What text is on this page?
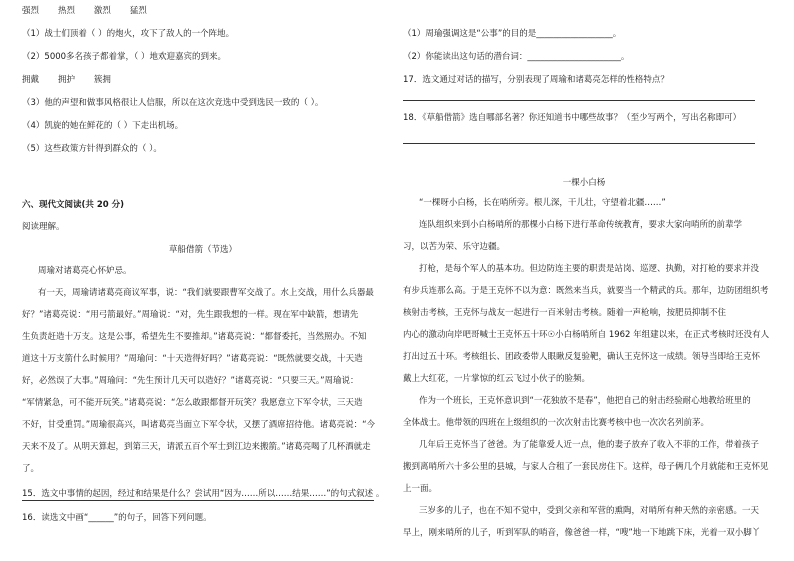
强烈 热烈 激烈 猛烈
（1）战士们顶着（ ）的炮火，攻下了敌人的一个阵地。
（2）5000多名孩子都着掌，（ ）地欢迎嘉宾的到来。
拥戴 拥护 簇拥
（3）他的声望和做事风格很让人信服，所以在这次竞选中受到选民一致的（ ）。
（4）凯旋的她在鲜花的（ ）下走出机场。
（5）这些政策方针得到群众的（ ）。
六、现代文阅读(共 20 分)
阅读理解。
草船借箭（节选）
周瑜对诸葛亮心怀妒忌。
有一天，周瑜请诸葛亮商议军事，说：“我们就要跟曹军交战了。水上交战，用什么兵器最
好？”诸葛亮说：“用弓箭最好。”周瑜说：“对，先生跟我想的一样。现在军中缺箭，想请先
生负责赶造十万支。这是公事，希望先生不要推却。”诸葛亮说：“都督委托，当然照办。不知
道这十万支箭什么时候用？”周瑜问：“十天造得好吗？”诸葛亮说：“既然就要交战，十天造
好，必然误了大事。”周瑜问：“先生预计几天可以造好？”诸葛亮说：“只要三天。”周瑜说：
“军情紧急，可不能开玩笑。”诸葛亮说：“怎么敢跟都督开玩笑？我愿意立下军令状，三天造
不好，甘受重罚。”周瑜很高兴，叫诸葛亮当面立下军令状，又摆了酒席招待他。诸葛亮说：“今
天来不及了。从明天算起，到第三天，请派五百个军士到江边来搬箭。”诸葛亮喝了几杯酒就走
了。
15．选文中事情的起因，经过和结果是什么？尝试用“因为……所以……结果……”的句式叙述 。
16．读选文中画“______”的句子，回答下列问题。
（1）周瑜强调这是“公事”的目的是__________________。
（2）你能读出这句话的潜台词：______________________。
17．选文通过对话的描写，分别表现了周瑜和诸葛亮怎样的性格特点？
18．《草船借箭》选自哪部名著？你还知道书中哪些故事？（至少写两个，写出名称即可）
一棵小白杨
“一棵呀小白杨，长在哨所旁。根儿深，干儿壮，守望着北疆……”
连队组织来到小白杨哨所的那棵小白杨下进行革命传统教育，要求大家向哨所的前辈学
习，以苦为荣、乐守边疆。
打枪，是每个军人的基本功。但边防连主要的职责是站岗、巡逻、执勤，对打枪的要求并没
有步兵连那么高。于是王克怀不以为意：既然来当兵，就要当一个精武的兵。那年，边防团组织考
核射击考核，王克怀与战友一起进行一百米射击考核。随着一声枪响，按肥员抑制不住
内心的激动向岸吧哥喊士王克怀五十环☉小白杨哨所自 1962 年组建以来，在正式考核时还没有人
打出过五十环。考核组长、团政委带人眼瞅反复验靶，确认王克怀这一成绩。领导当即给王克怀
戴上大红花，一片掌惊的红云飞过小伙子的脸频。
作为一个班长，王克怀意识到“一花独放不是春”，他把自己的射击经验耐心地教给班里的
全体战士。他带领的四班在上级组织的一次次射击比赛考核中也一次次名列前茅。
几年后王克怀当了爸爸。为了能靠爱人近一点，他的妻子放弃了收入不菲的工作，带着孩子
搬到离哨所六十多公里的县城，与家人合租了一套民房住下。这样，母子俩几个月就能和王克怀见
上一面。
三岁多的儿子，也在不知不觉中，受到父亲和军营的熏陶，对哨所有种天然的亲密感。一天
早上，刚来哨所的儿子，听到军队的哨音，像爸爸一样，“嗖”地一下地跳下床，光着一双小脚丫
